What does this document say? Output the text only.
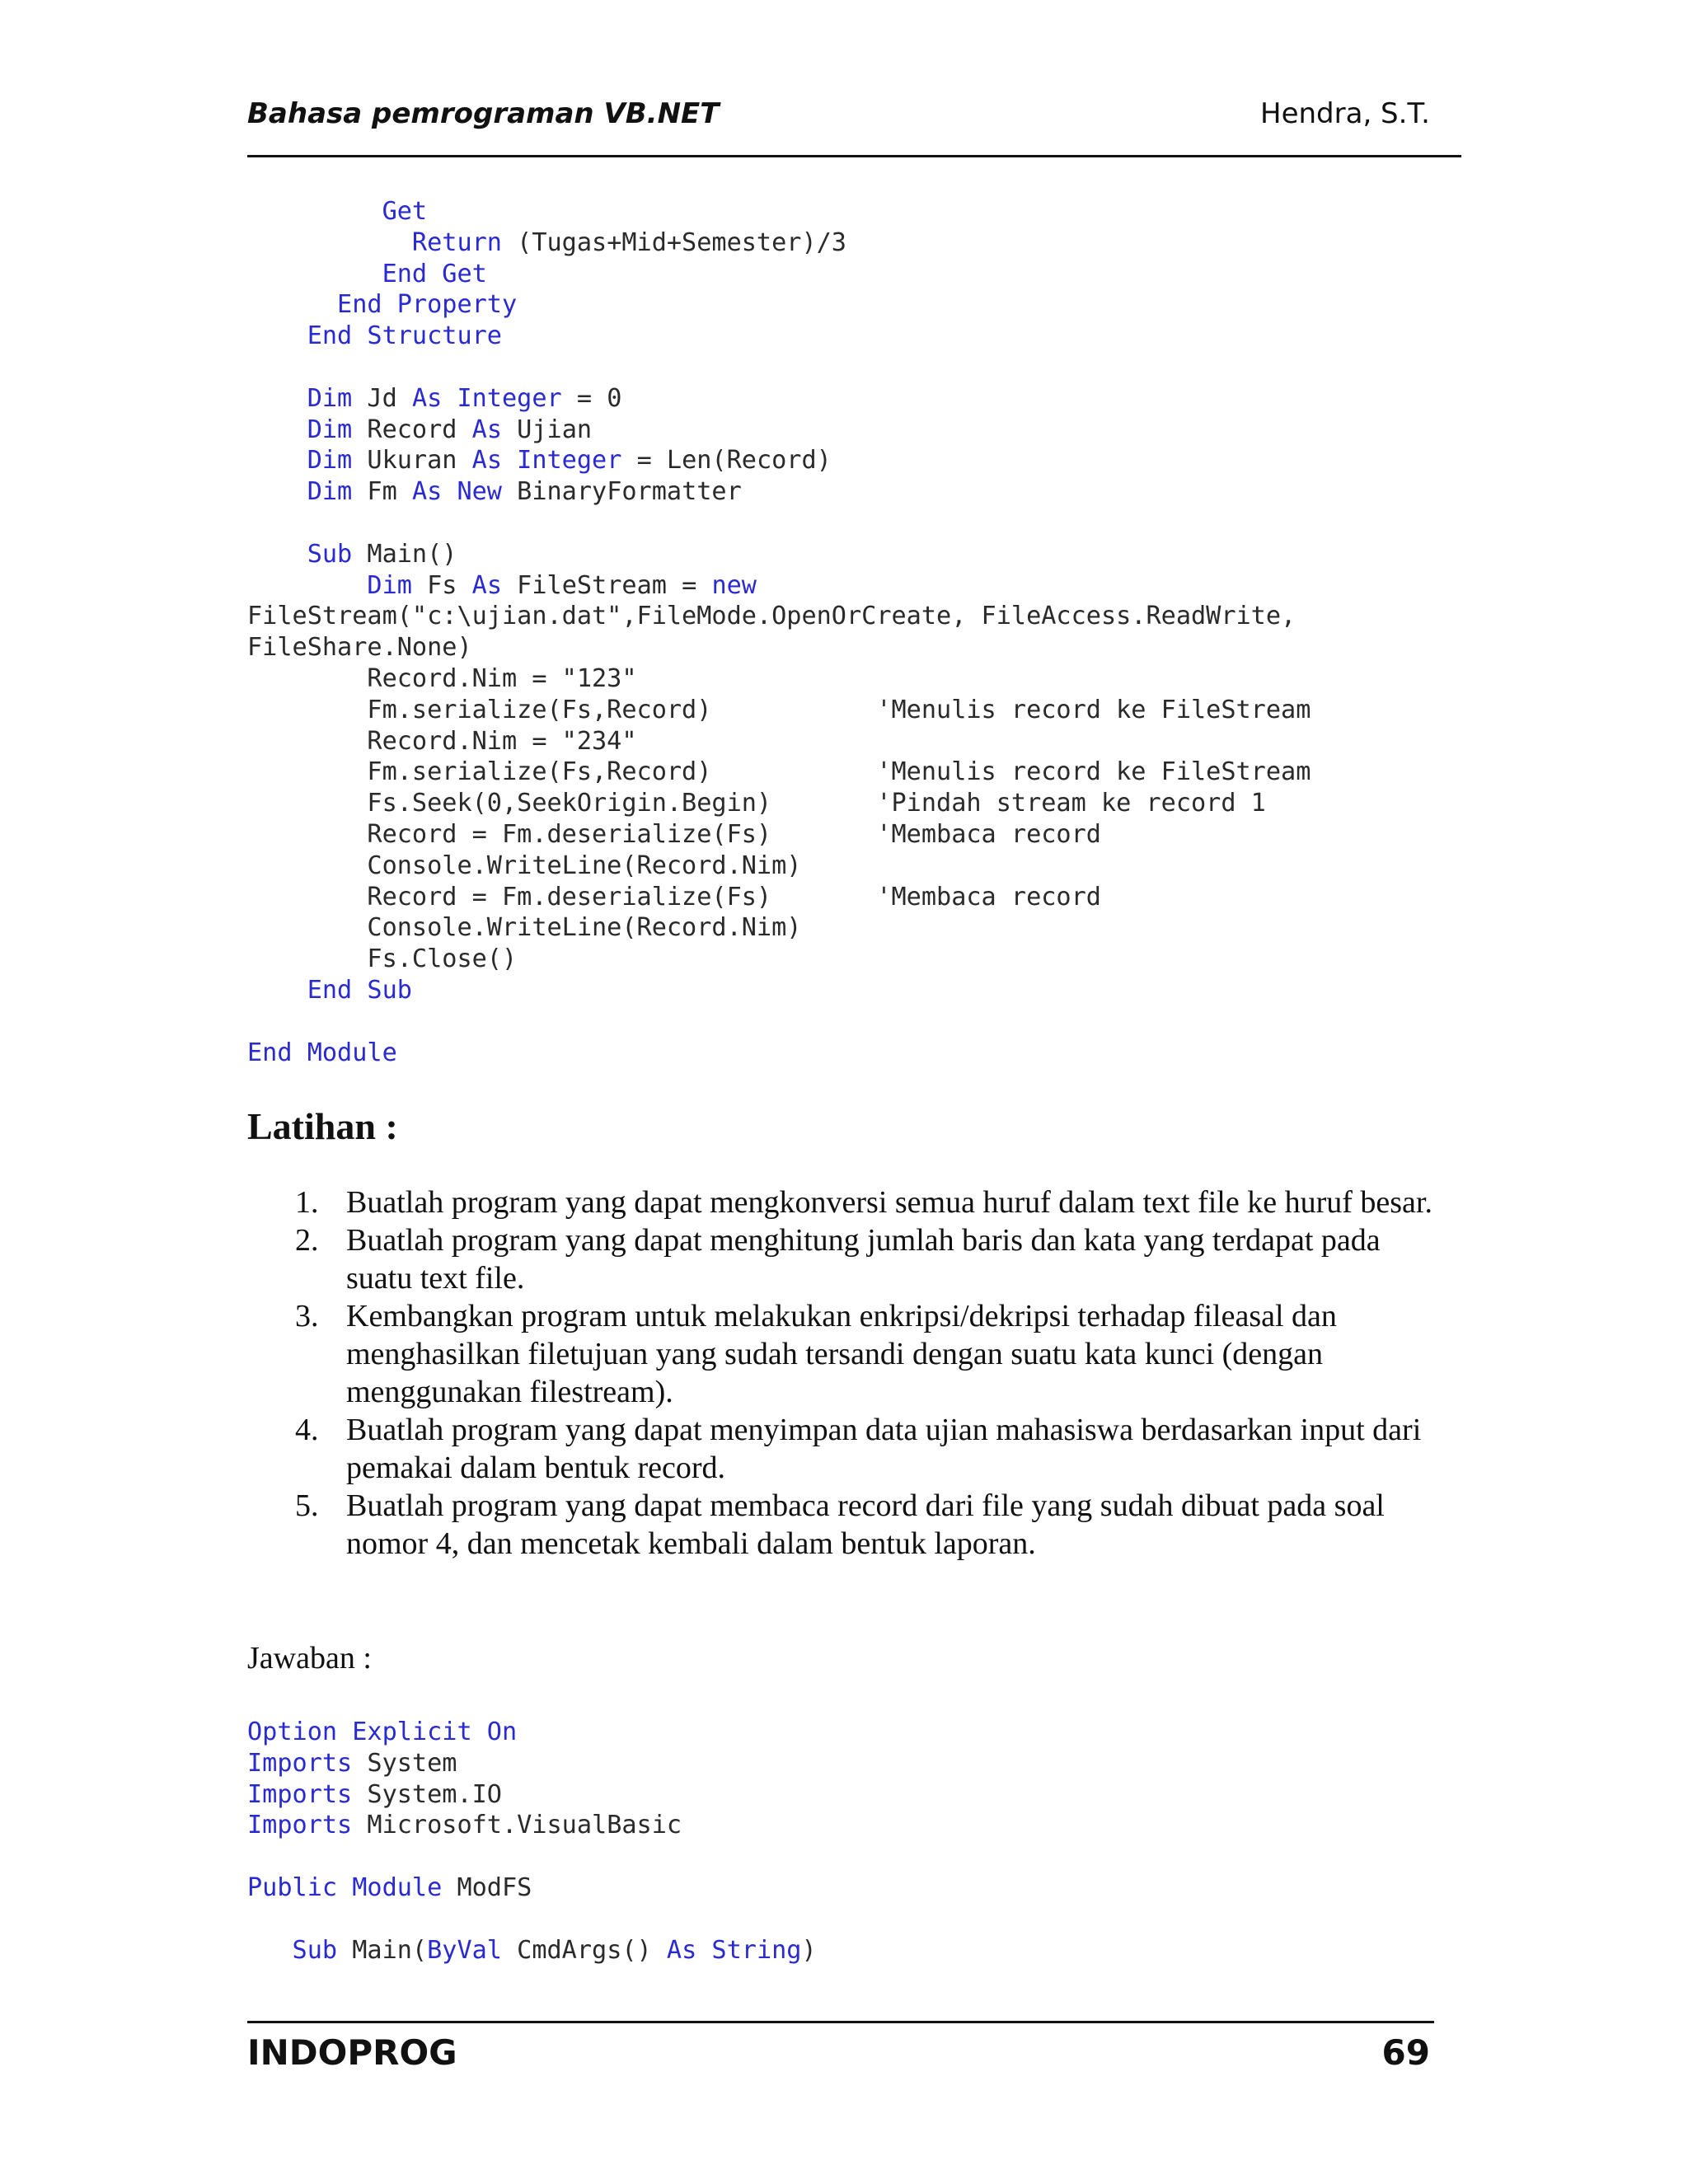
Bahasa pemrograman VB.NET	Hendra, S.T.
Get
Return (Tugas+Mid+Semester)/3
End Get
End Property
End Structure

Dim Jd As Integer = 0
Dim Record As Ujian
Dim Ukuran As Integer = Len(Record)
Dim Fm As New BinaryFormatter

Sub Main()
Dim Fs As FileStream = new
FileStream("c:\ujian.dat",FileMode.OpenOrCreate, FileAccess.ReadWrite,
FileShare.None)
Record.Nim = "123"
Fm.serialize(Fs,Record)           'Menulis record ke FileStream
Record.Nim = "234"
Fm.serialize(Fs,Record)           'Menulis record ke FileStream
Fs.Seek(0,SeekOrigin.Begin)       'Pindah stream ke record 1
Record = Fm.deserialize(Fs)       'Membaca record
Console.WriteLine(Record.Nim)
Record = Fm.deserialize(Fs)       'Membaca record
Console.WriteLine(Record.Nim)
Fs.Close()
End Sub

End Module
Latihan :
1. Buatlah program yang dapat mengkonversi semua huruf dalam text file ke huruf besar.
2. Buatlah program yang dapat menghitung jumlah baris dan kata yang terdapat pada suatu text file.
3. Kembangkan program untuk melakukan enkripsi/dekripsi terhadap fileasal dan menghasilkan filetujuan yang sudah tersandi dengan suatu kata kunci (dengan menggunakan filestream).
4. Buatlah program yang dapat menyimpan data ujian mahasiswa berdasarkan input dari pemakai dalam bentuk record.
5. Buatlah program yang dapat membaca record dari file yang sudah dibuat pada soal nomor 4, dan mencetak kembali dalam bentuk laporan.
Jawaban :
Option Explicit On
Imports System
Imports System.IO
Imports Microsoft.VisualBasic

Public Module ModFS

Sub Main(ByVal CmdArgs() As String)
INDOPROG	69
